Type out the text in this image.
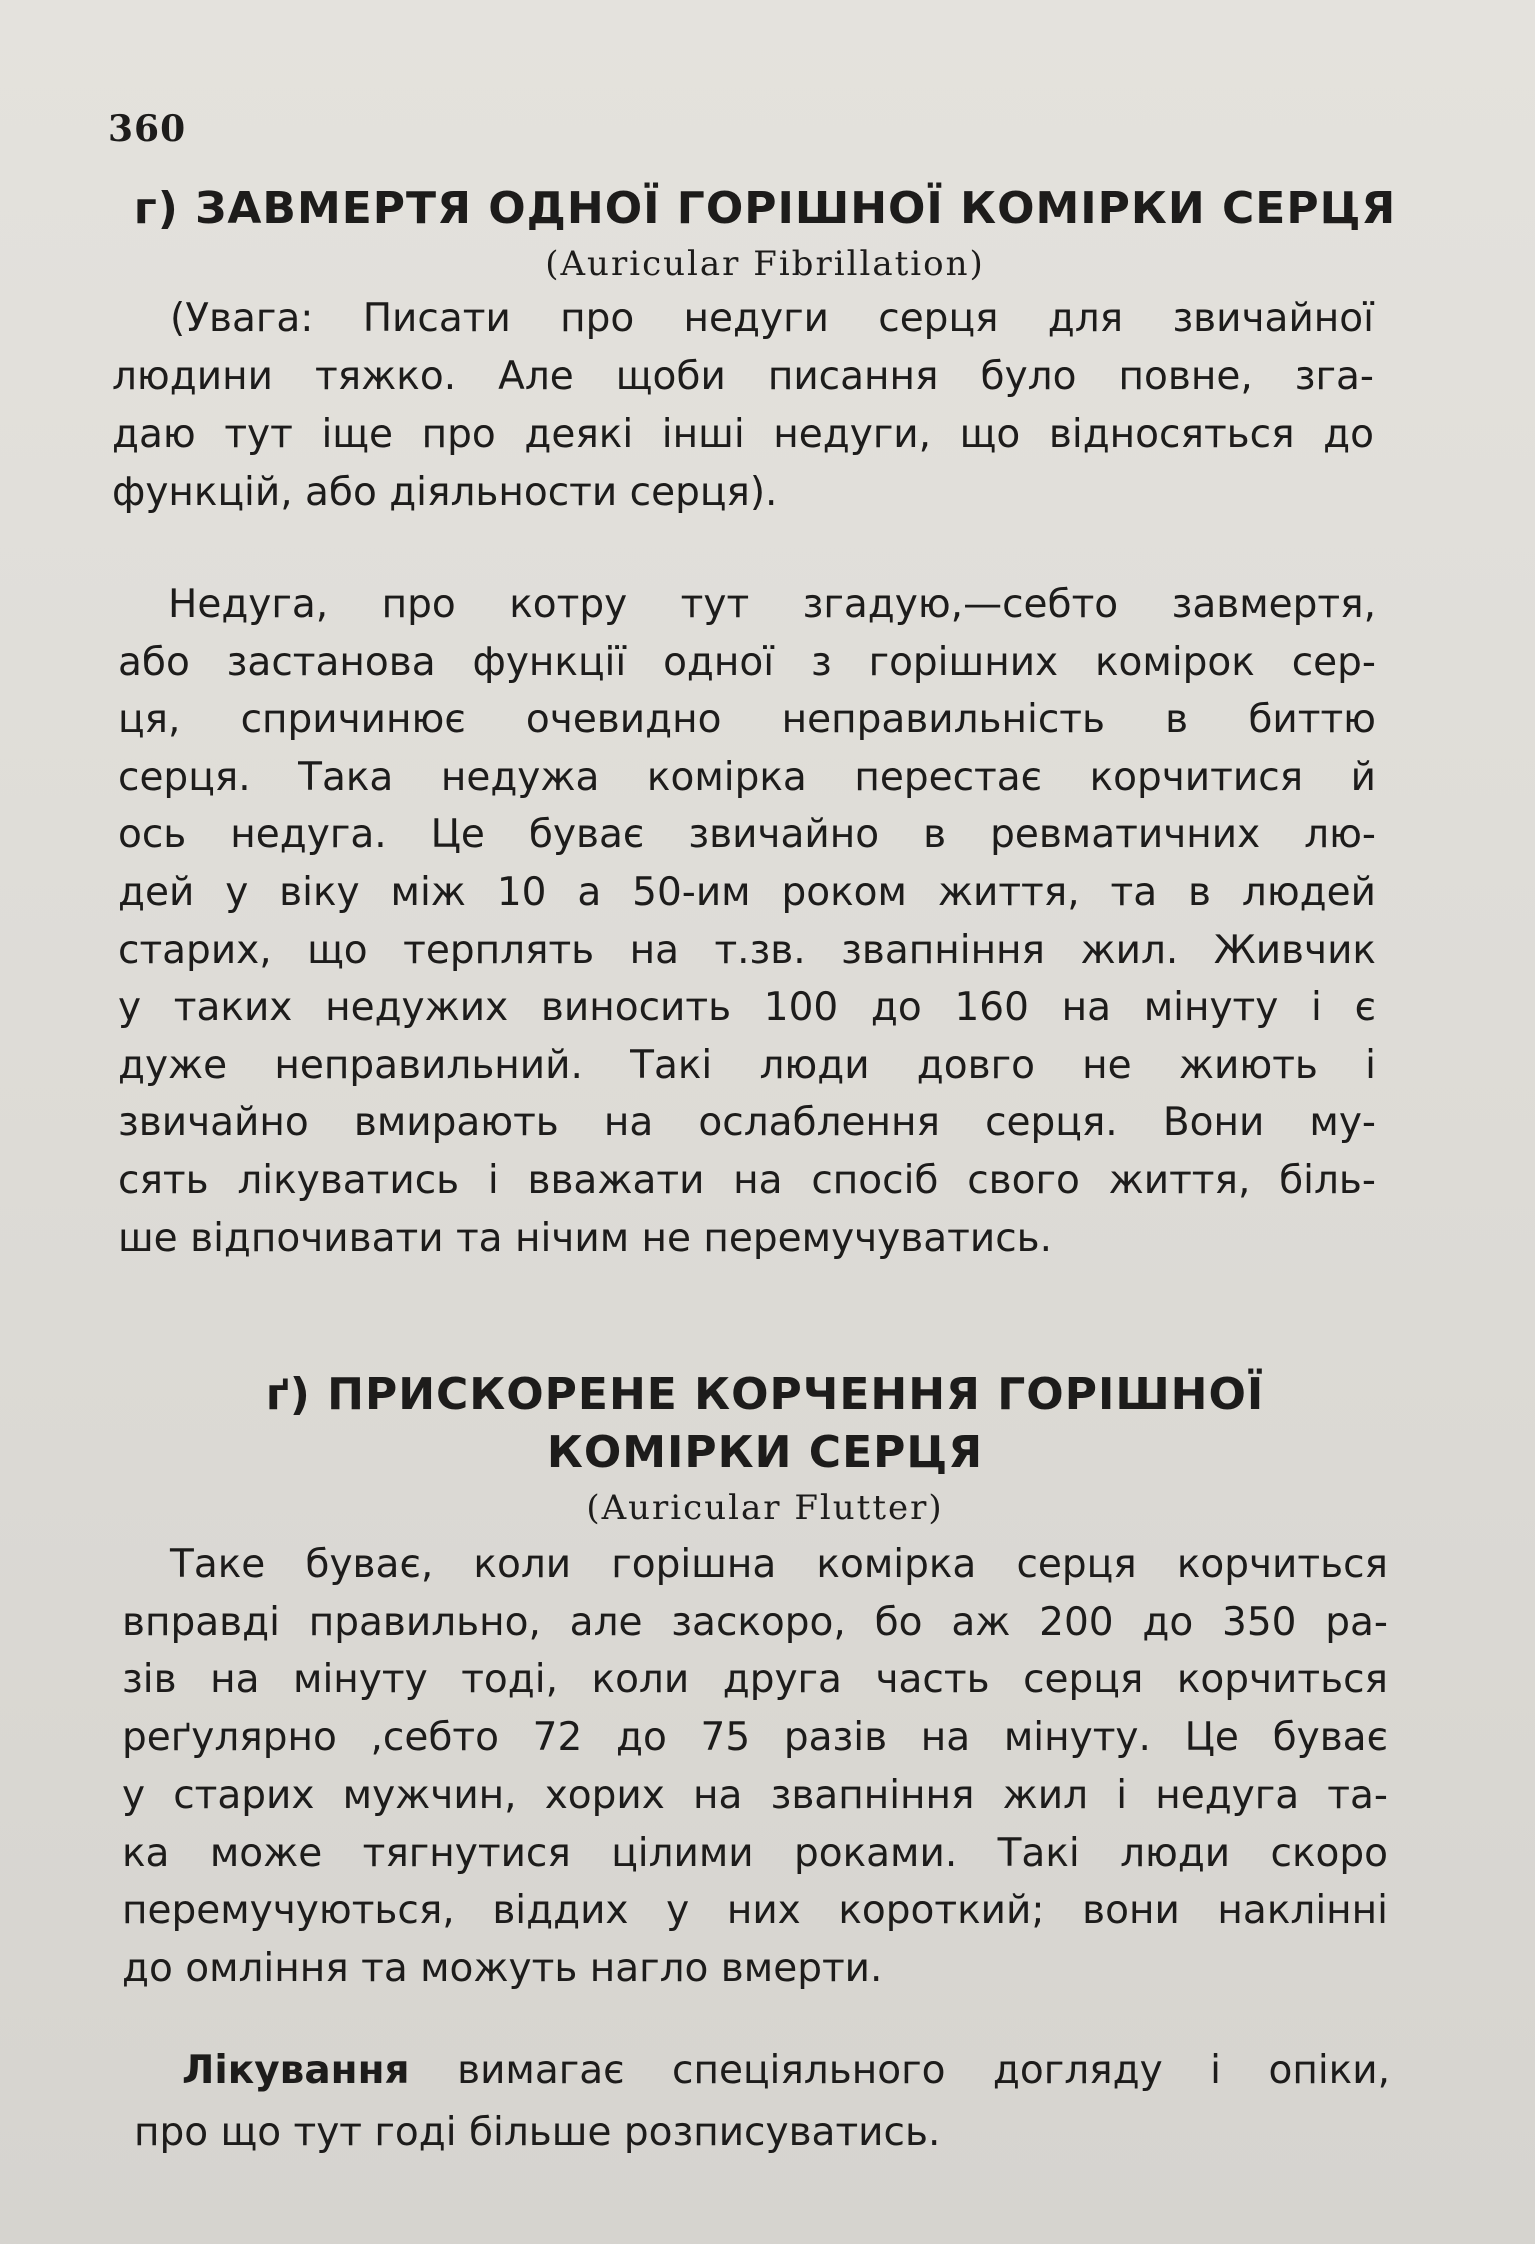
360
г) ЗАВМЕРТЯ ОДНОЇ ГОРІШНОЇ КОМІРКИ СЕРЦЯ

(Auricular Fibrillation)

(Увага: Писати про недуги серця для звичайної
людини тяжко. Але щоби писання було повне, зга-
даю тут іще про деякі інші недуги, що відносяться до
функцій, або діяльности серця).
Недуга, про котру тут згадую,—себто завмертя,
або застанова функції одної з горішних комірок сер-
ця, спричинює очевидно неправильність в биттю
серця. Така недужа комірка перестає корчитися й
ось недуга. Це буває звичайно в ревматичних лю-
дей у віку між 10 а 50-им роком життя, та в людей
старих, що терплять на т.зв. звапніння жил. Живчик
у таких недужих виносить 100 до 160 на мінуту і є
дуже неправильний. Такі люди довго не жиють і
звичайно вмирають на ослаблення серця. Вони му-
сять лікуватись і вважати на спосіб свого життя, біль-
ше відпочивати та нічим не перемучуватись.
ґ) ПРИСКОРЕНЕ КОРЧЕННЯ ГОРІШНОЇ
КОМІРКИ СЕРЦЯ

(Auricular Flutter)

Таке буває, коли горішна комірка серця корчиться
вправді правильно, але заскоро, бо аж 200 до 350 ра-
зів на мінуту тоді, коли друга часть серця корчиться
реґулярно ,себто 72 до 75 разів на мінуту. Це буває
у старих мужчин, хорих на звапніння жил і недуга та-
ка може тягнутися цілими роками. Такі люди скоро
перемучуються, віддих у них короткий; вони наклінні
до омління та можуть нагло вмерти.
Лікування вимагає спеціяльного догляду і опіки,
про що тут годі більше розписуватись.
